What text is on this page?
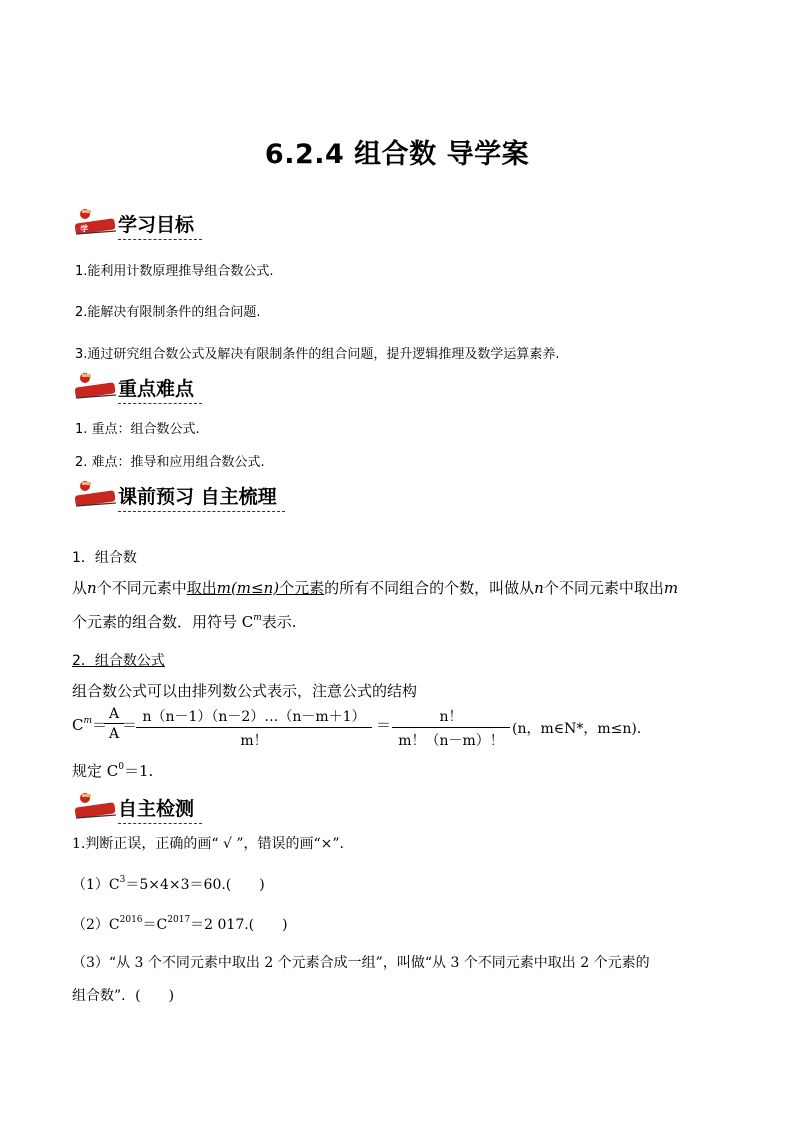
6.2.4 组合数 导学案
学 学习目标
1.能利用计数原理推导组合数公式.
2.能解决有限制条件的组合问题.
3.通过研究组合数公式及解决有限制条件的组合问题，提升逻辑推理及数学运算素养.
重点难点
1. 重点：组合数公式.
2. 难点：推导和应用组合数公式.
课前预习 自主梳理
1．组合数
从n个不同元素中取出m(m≤n)个元素的所有不同组合的个数，叫做从n个不同元素中取出m
个元素的组合数．用符号 $C^m$表示.
2．组合数公式
组合数公式可以由排列数公式表示，注意公式的结构
$C^m=$
$\frac{A}{A}$
＝
$\frac{n(n-1)(n-2)\dots(n-m+1)}{m!} = \frac{n!}{m!(n-m)!} (n$，m∈N*，m≤n)．
规定 $C^0=1$.
自主检测
1.判断正误，正确的画“ √ ”，错误的画“×”.
$(1)C^3=5\times 4\times 3=60$.(　　)
$(2)C^{2016}=C^{2017}=2$ 017.(　　)
（3）“从 3 个不同元素中取出 2 个元素合成一组”，叫做“从 3 个不同元素中取出 2 个元素的
组合数”．(　　)
